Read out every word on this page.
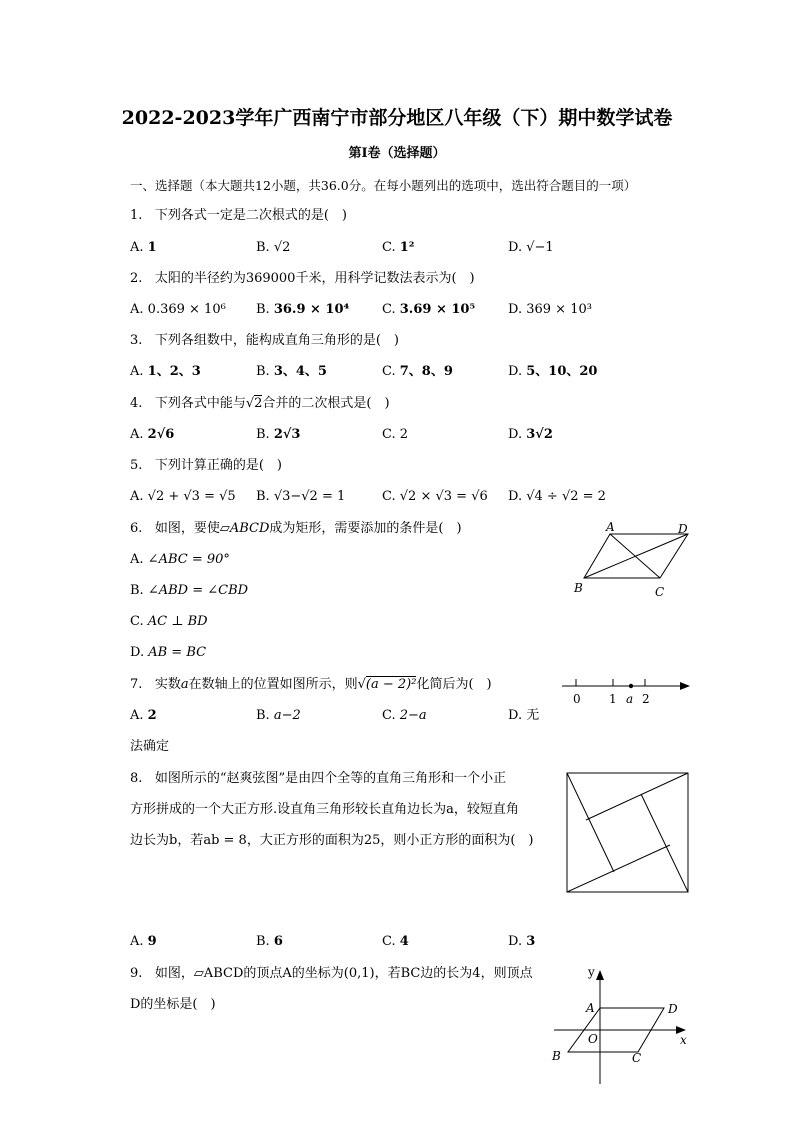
2022-2023学年广西南宁市部分地区八年级（下）期中数学试卷
第I卷（选择题）
一、选择题（本大题共12小题，共36.0分。在每小题列出的选项中，选出符合题目的一项）
1. 下列各式一定是二次根式的是(　)
A. 1	B. √2	C. 1²	D. √−1
2. 太阳的半径约为369000千米，用科学记数法表示为(　)
A. 0.369 × 10⁶ B. 36.9 × 10⁴	C. 3.69 × 10⁵	D. 369 × 10³
3. 下列各组数中，能构成直角三角形的是(　)
A. 1、2、3	B. 3、4、5	C. 7、8、9	D. 5、10、20
4. 下列各式中能与√2合并的二次根式是(　)
A. 2√6	B. 2√3	C. 2	D. 3√2
5. 下列计算正确的是(　)
A. √2 + √3 = √5 B. √3−√2 = 1	C. √2 × √3 = √6 D. √4 ÷ √2 = 2
6. 如图，要使▱ABCD成为矩形，需要添加的条件是(　)
A. ∠ABC = 90°
B. ∠ABD = ∠CBD
C. AC ⊥ BD
D. AB = BC
A	D
B	C
7. 实数a在数轴上的位置如图所示，则√(a − 2)²化简后为(　)
A. 2	B. a−2	C. 2−a	D. 无
法确定
0 1 a 2
8. 如图所示的“赵爽弦图”是由四个全等的直角三角形和一个小正
方形拼成的一个大正方形.设直角三角形较长直角边长为a，较短直角
边长为b，若ab = 8，大正方形的面积为25，则小正方形的面积为(　)
A. 9	B. 6	C. 4	D. 3
9. 如图，▱ABCD的顶点A的坐标为(0,1)，若BC边的长为4，则顶点
D的坐标是(　)
y
x
A	D
O
B	C
